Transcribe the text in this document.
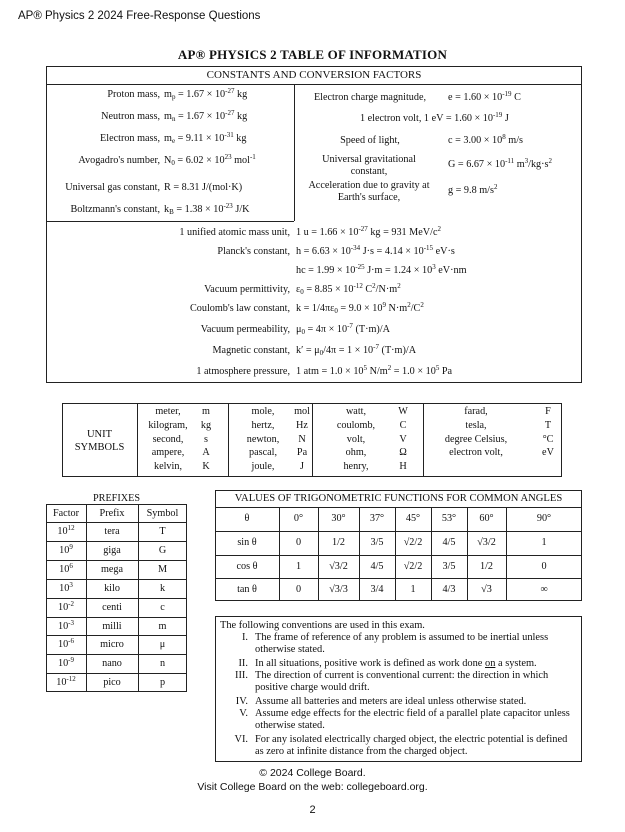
AP® Physics 2 2024 Free-Response Questions
AP® PHYSICS 2 TABLE OF INFORMATION
CONSTANTS AND CONVERSION FACTORS
Proton mass, $m_p = 1.67 \times 10^{-27}$ kg
Neutron mass, $m_n = 1.67 \times 10^{-27}$ kg
Electron mass, $m_e = 9.11 \times 10^{-31}$ kg
Avogadro's number, $N_0 = 6.02 \times 10^{23}$ mol$^{-1}$
Universal gas constant, R = 8.31 J/(mol·K)
Boltzmann's constant, $k_B = 1.38 \times 10^{-23}$ J/K
Electron charge magnitude,	$e = 1.60 \times 10^{-19}$ C
1 electron volt, 1 eV = $1.60 \times 10^{-19}$ J
Speed of light,	$c = 3.00 \times 10^8$ m/s
Universal gravitational constant,
$G = 6.67 \times 10^{-11}$ $m^3/kg\cdot s^2$
Acceleration due to gravity at Earth's surface,
g = 9.8 $m/s^2$
1 unified atomic mass unit, 1 $u = 1.66 \times 10^{-27}$ kg = 931 MeV/$c^2$
Planck's constant, $h = 6.63 \times 10^{-34}$ $J\cdot s = 4.14 \times 10^{-15}$ eV·s
hc = $1.99 \times 10^{-25}$ $J\cdot m = 1.24 \times 10^3$ eV·nm
Vacuum permittivity, $\varepsilon_0 = 8.85 \times 10^{-12}$ $C^2/N\cdot m^2$
Coulomb's law constant, $k = 1/4\pi\varepsilon_0 = 9.0 \times 10^9$ $N\cdot m^2/C^2$
Vacuum permeability, $\mu_0 = 4\pi \times 10^{-7}$ (T·m)/A
Magnetic constant, $k' = \mu_0/4\pi = 1 \times 10^{-7}$ (T·m)/A
1 atmosphere pressure, 1 atm = $1.0 \times 10^5$ $N/m^2 = 1.0 \times 10^5$ Pa
UNIT SYMBOLS
meter,	m
kilogram,	kg
second,	s
ampere,	A
kelvin,	K
mole,	mol
hertz,	Hz
newton,	N
pascal,	Pa
joule,	J
watt,	W
coulomb,	C
volt,	V
ohm,	Ω
henry,	H
farad,	F
tesla,	T
degree Celsius,	°C
electron volt,	eV
PREFIXES
Factor	Prefix	Symbol
$10^{12}$	tera	T
$10^9$	giga	G
$10^6$	mega	M
$10^3$	kilo	k
$10^{-2}$	centi	c
$10^{-3}$	milli	m
$10^{-6}$	micro	μ
$10^{-9}$	nano	n
$10^{-12}$	pico	p
VALUES OF TRIGONOMETRIC FUNCTIONS FOR COMMON ANGLES
θ	0°	30°	37°	45°	53°	60°	90°
sin θ	0	1/2	3/5	√2/2	4/5	√3/2	1
cos θ	1	√3/2	4/5	√2/2	3/5	1/2	0
tan θ	0	√3/3	3/4	1	4/3	√3	∞
The following conventions are used in this exam.
I. The frame of reference of any problem is assumed to be inertial unless otherwise stated.
II. In all situations, positive work is defined as work done on a system.
III. The direction of current is conventional current: the direction in which positive charge would drift.
IV. Assume all batteries and meters are ideal unless otherwise stated.
V. Assume edge effects for the electric field of a parallel plate capacitor unless otherwise stated.
VI. For any isolated electrically charged object, the electric potential is defined as zero at infinite distance from the charged object.
© 2024 College Board.
Visit College Board on the web: collegeboard.org.
2
